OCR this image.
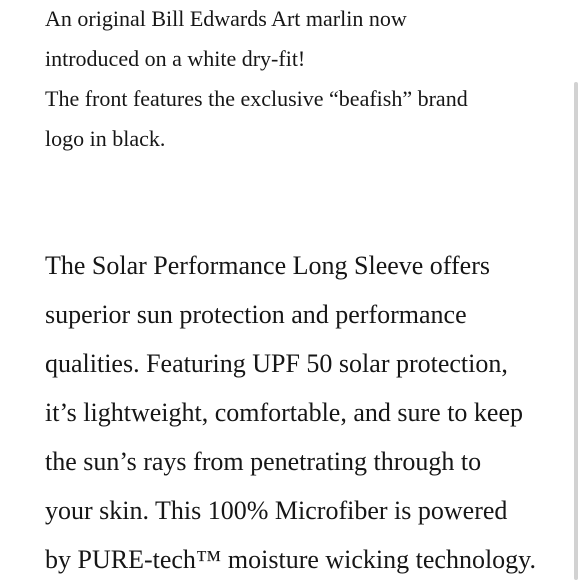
An original Bill Edwards Art marlin now
introduced on a white dry-fit!
The front features the exclusive “beafish” brand
logo in black.

The Solar Performance Long Sleeve offers
superior sun protection and performance
qualities. Featuring UPF 50 solar protection,
it’s lightweight, comfortable, and sure to keep
the sun’s rays from penetrating through to
your skin. This 100% Microfiber is powered
by PURE-tech™ moisture wicking technology.
